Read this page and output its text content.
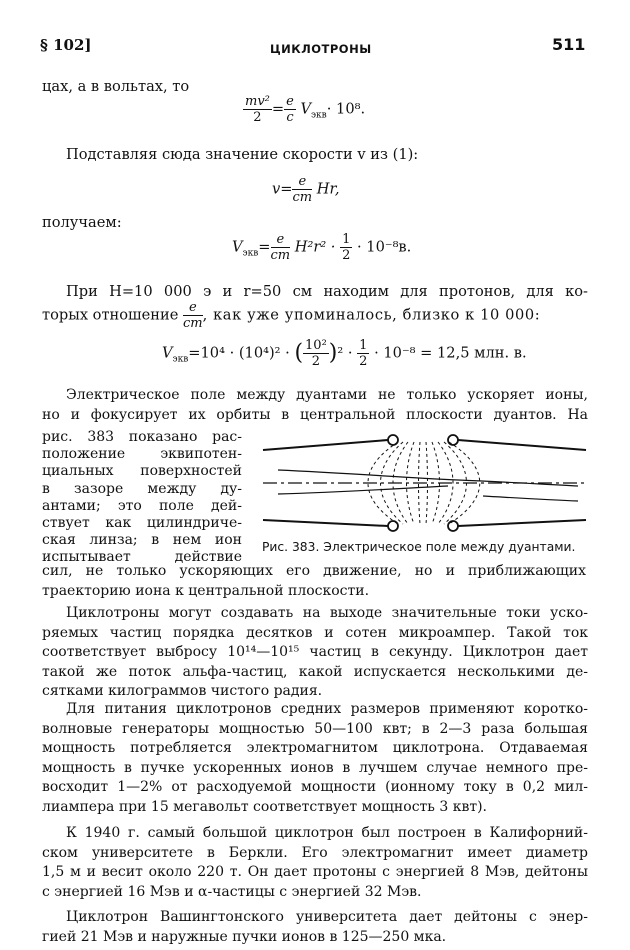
§ 102]	ЦИКЛОТРОНЫ	511
цах, а в вольтах, то
$\frac{\text{mv²}}{2} = \frac{e}{c} V_{экв}\cdot 10^8$.
Подставляя сюда значение скорости v из (1):
$v= \frac{e}{cm} Hr$,
получаем:
$V_{экв}= \frac{e}{cm} H^2r^2 \cdot \frac{1}{2} \cdot 10^{-8}в$.
При H=10 000 э и r=50 см находим для протонов, для ко-
торых отношение $\frac{e}{cm}$ , как уже упоминалось, близко к 10 000:
$V_{экв}=10^4 \cdot (10^4)^2$ · ( $\frac{\text{10²}}{2} )^2 \cdot \frac{1}{2} \cdot 10^{-8} = 12,5$ млн. в.
Электрическое поле между дуантами не только ускоряет ионы,
но и фокусирует их орбиты в центральной плоскости дуантов. На
рис. 383 показано рас-
положение эквипотен-
циальных поверхностей
в зазоре между ду-
антами; это поле дей-
ствует как цилиндриче-
ская линза; в нем ион
испытывает действие
сил, не только ускоряющих его движение, но и приближающих
траекторию иона к центральной плоскости.
Рис. 383. Электрическое поле между дуантами.
Циклотроны могут создавать на выходе значительные токи уско-
ряемых частиц порядка десятков и сотен микроампер. Такой ток
соответствует выбросу 10¹⁴—10¹⁵ частиц в секунду. Циклотрон дает
такой же поток альфа-частиц, какой испускается несколькими де-
сятками килограммов чистого радия.
Для питания циклотронов средних размеров применяют коротко-
волновые генераторы мощностью 50—100 квт; в 2—3 раза большая
мощность потребляется электромагнитом циклотрона. Отдаваемая
мощность в пучке ускоренных ионов в лучшем случае немного пре-
восходит 1—2% от расходуемой мощности (ионному току в 0,2 мил-
лиампера при 15 мегавольт соответствует мощность 3 квт).
К 1940 г. самый большой циклотрон был построен в Калифорний-
ском университете в Беркли. Его электромагнит имеет диаметр
1,5 м и весит около 220 т. Он дает протоны с энергией 8 Мэв, дейтоны
с энергией 16 Мэв и α-частицы с энергией 32 Мэв.
Циклотрон Вашингтонского университета дает дейтоны с энер-
гией 21 Мэв и наружные пучки ионов в 125—250 мка.
